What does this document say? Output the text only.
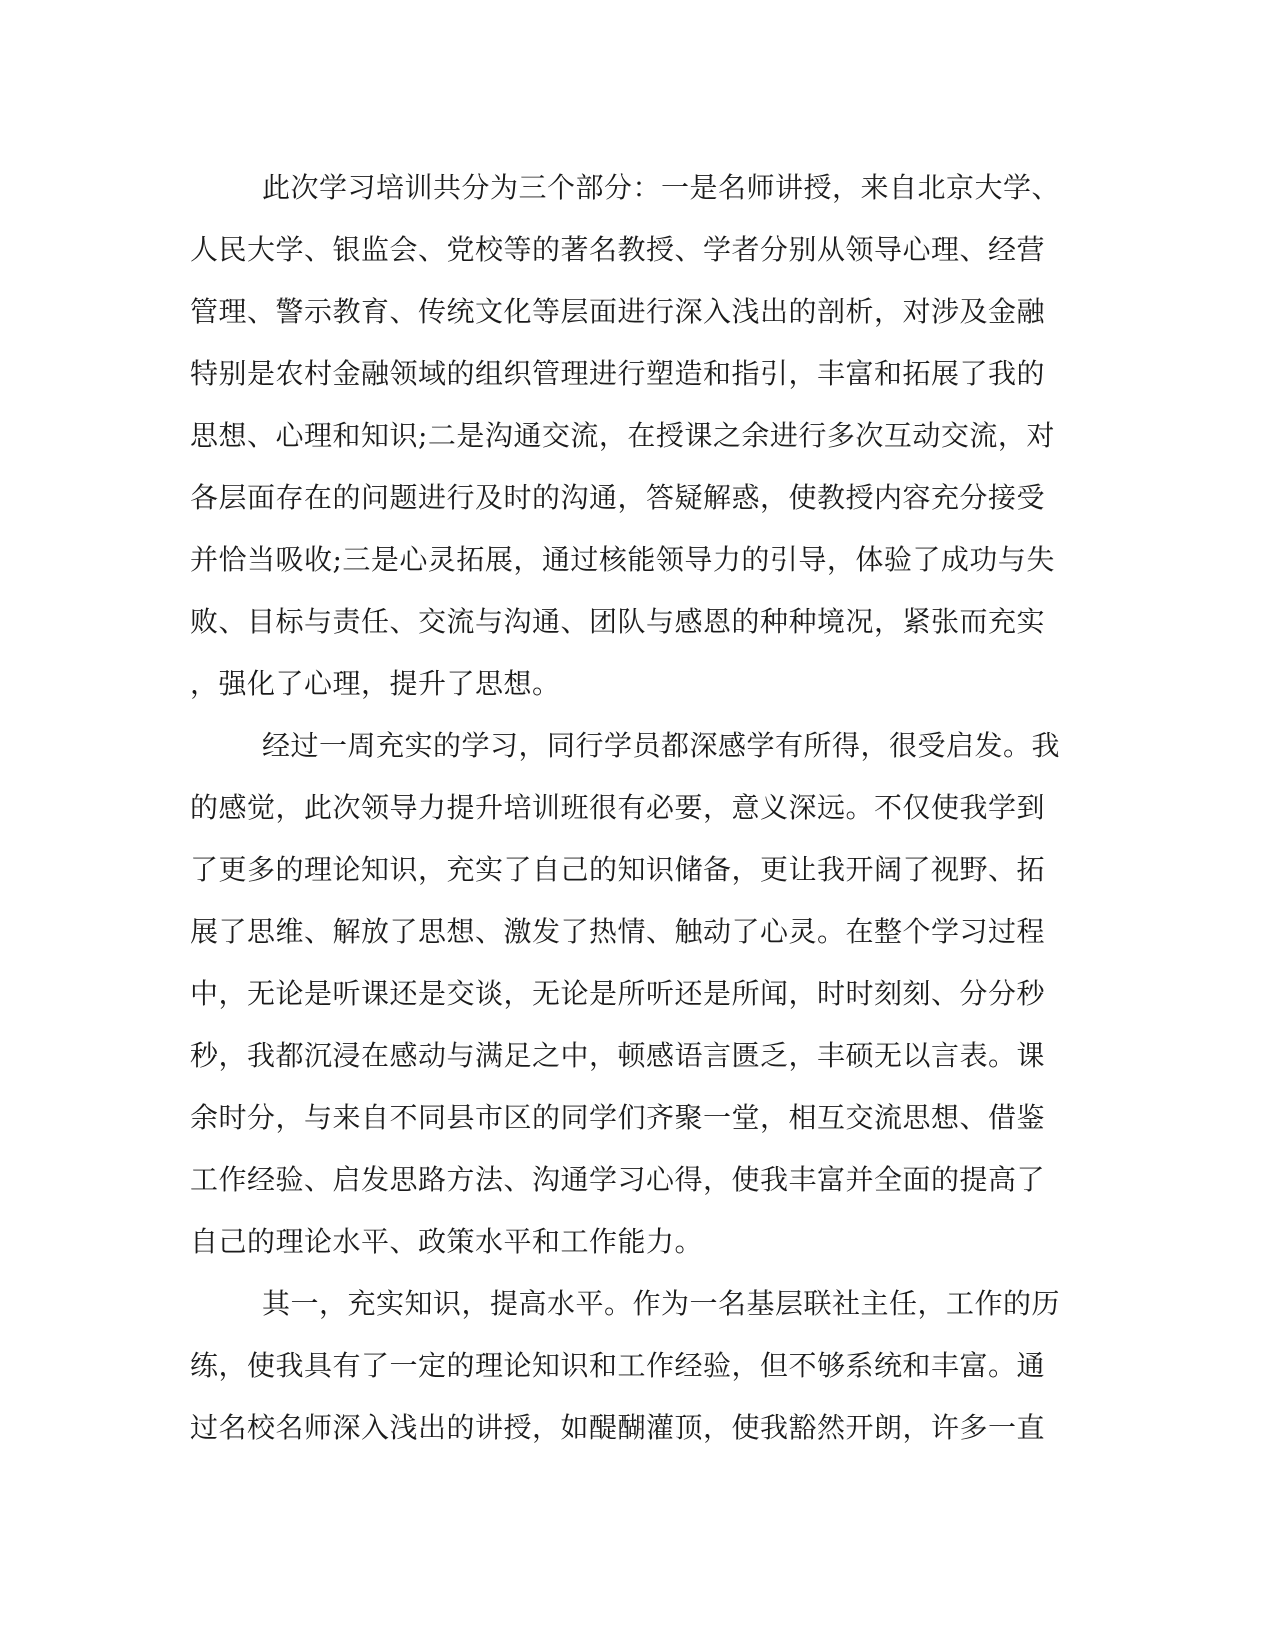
此次学习培训共分为三个部分：一是名师讲授，来自北京大学、
人民大学、银监会、党校等的著名教授、学者分别从领导心理、经营
管理、警示教育、传统文化等层面进行深入浅出的剖析，对涉及金融
特别是农村金融领域的组织管理进行塑造和指引，丰富和拓展了我的
思想、心理和知识;二是沟通交流，在授课之余进行多次互动交流，对
各层面存在的问题进行及时的沟通，答疑解惑，使教授内容充分接受
并恰当吸收;三是心灵拓展，通过核能领导力的引导，体验了成功与失
败、目标与责任、交流与沟通、团队与感恩的种种境况，紧张而充实
，强化了心理，提升了思想。
经过一周充实的学习，同行学员都深感学有所得，很受启发。我
的感觉，此次领导力提升培训班很有必要，意义深远。不仅使我学到
了更多的理论知识，充实了自己的知识储备，更让我开阔了视野、拓
展了思维、解放了思想、激发了热情、触动了心灵。在整个学习过程
中，无论是听课还是交谈，无论是所听还是所闻，时时刻刻、分分秒
秒，我都沉浸在感动与满足之中，顿感语言匮乏，丰硕无以言表。课
余时分，与来自不同县市区的同学们齐聚一堂，相互交流思想、借鉴
工作经验、启发思路方法、沟通学习心得，使我丰富并全面的提高了
自己的理论水平、政策水平和工作能力。
其一，充实知识，提高水平。作为一名基层联社主任，工作的历
练，使我具有了一定的理论知识和工作经验，但不够系统和丰富。通
过名校名师深入浅出的讲授，如醍醐灌顶，使我豁然开朗，许多一直
